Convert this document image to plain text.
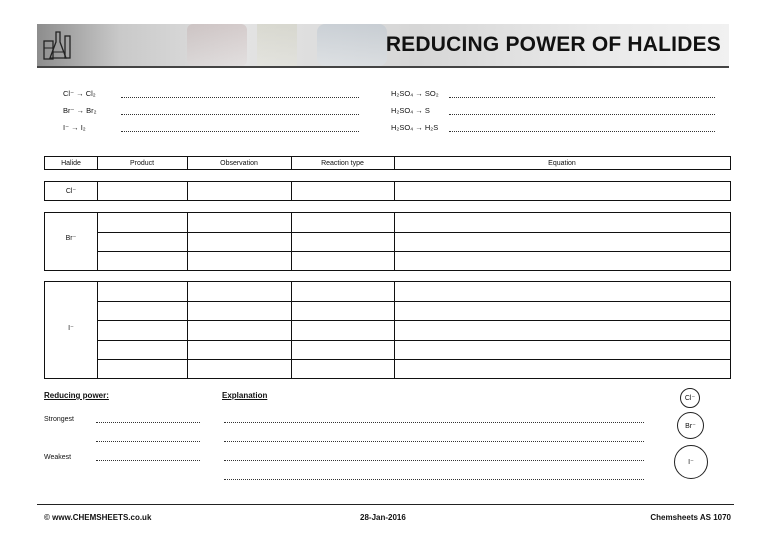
REDUCING POWER OF HALIDES
Cl⁻ → Cl₂
Br⁻ → Br₂
I⁻ → I₂
H₂SO₄ → SO₂
H₂SO₄ → S
H₂SO₄ → H₂S
Halide	Product	Observation	Reaction type	Equation
Cl⁻
Br⁻
I⁻
Reducing power:
Strongest
Weakest
Explanation	Cl⁻
Br⁻
I⁻
© www.CHEMSHEETS.co.uk	28-Jan-2016	Chemsheets AS 1070
